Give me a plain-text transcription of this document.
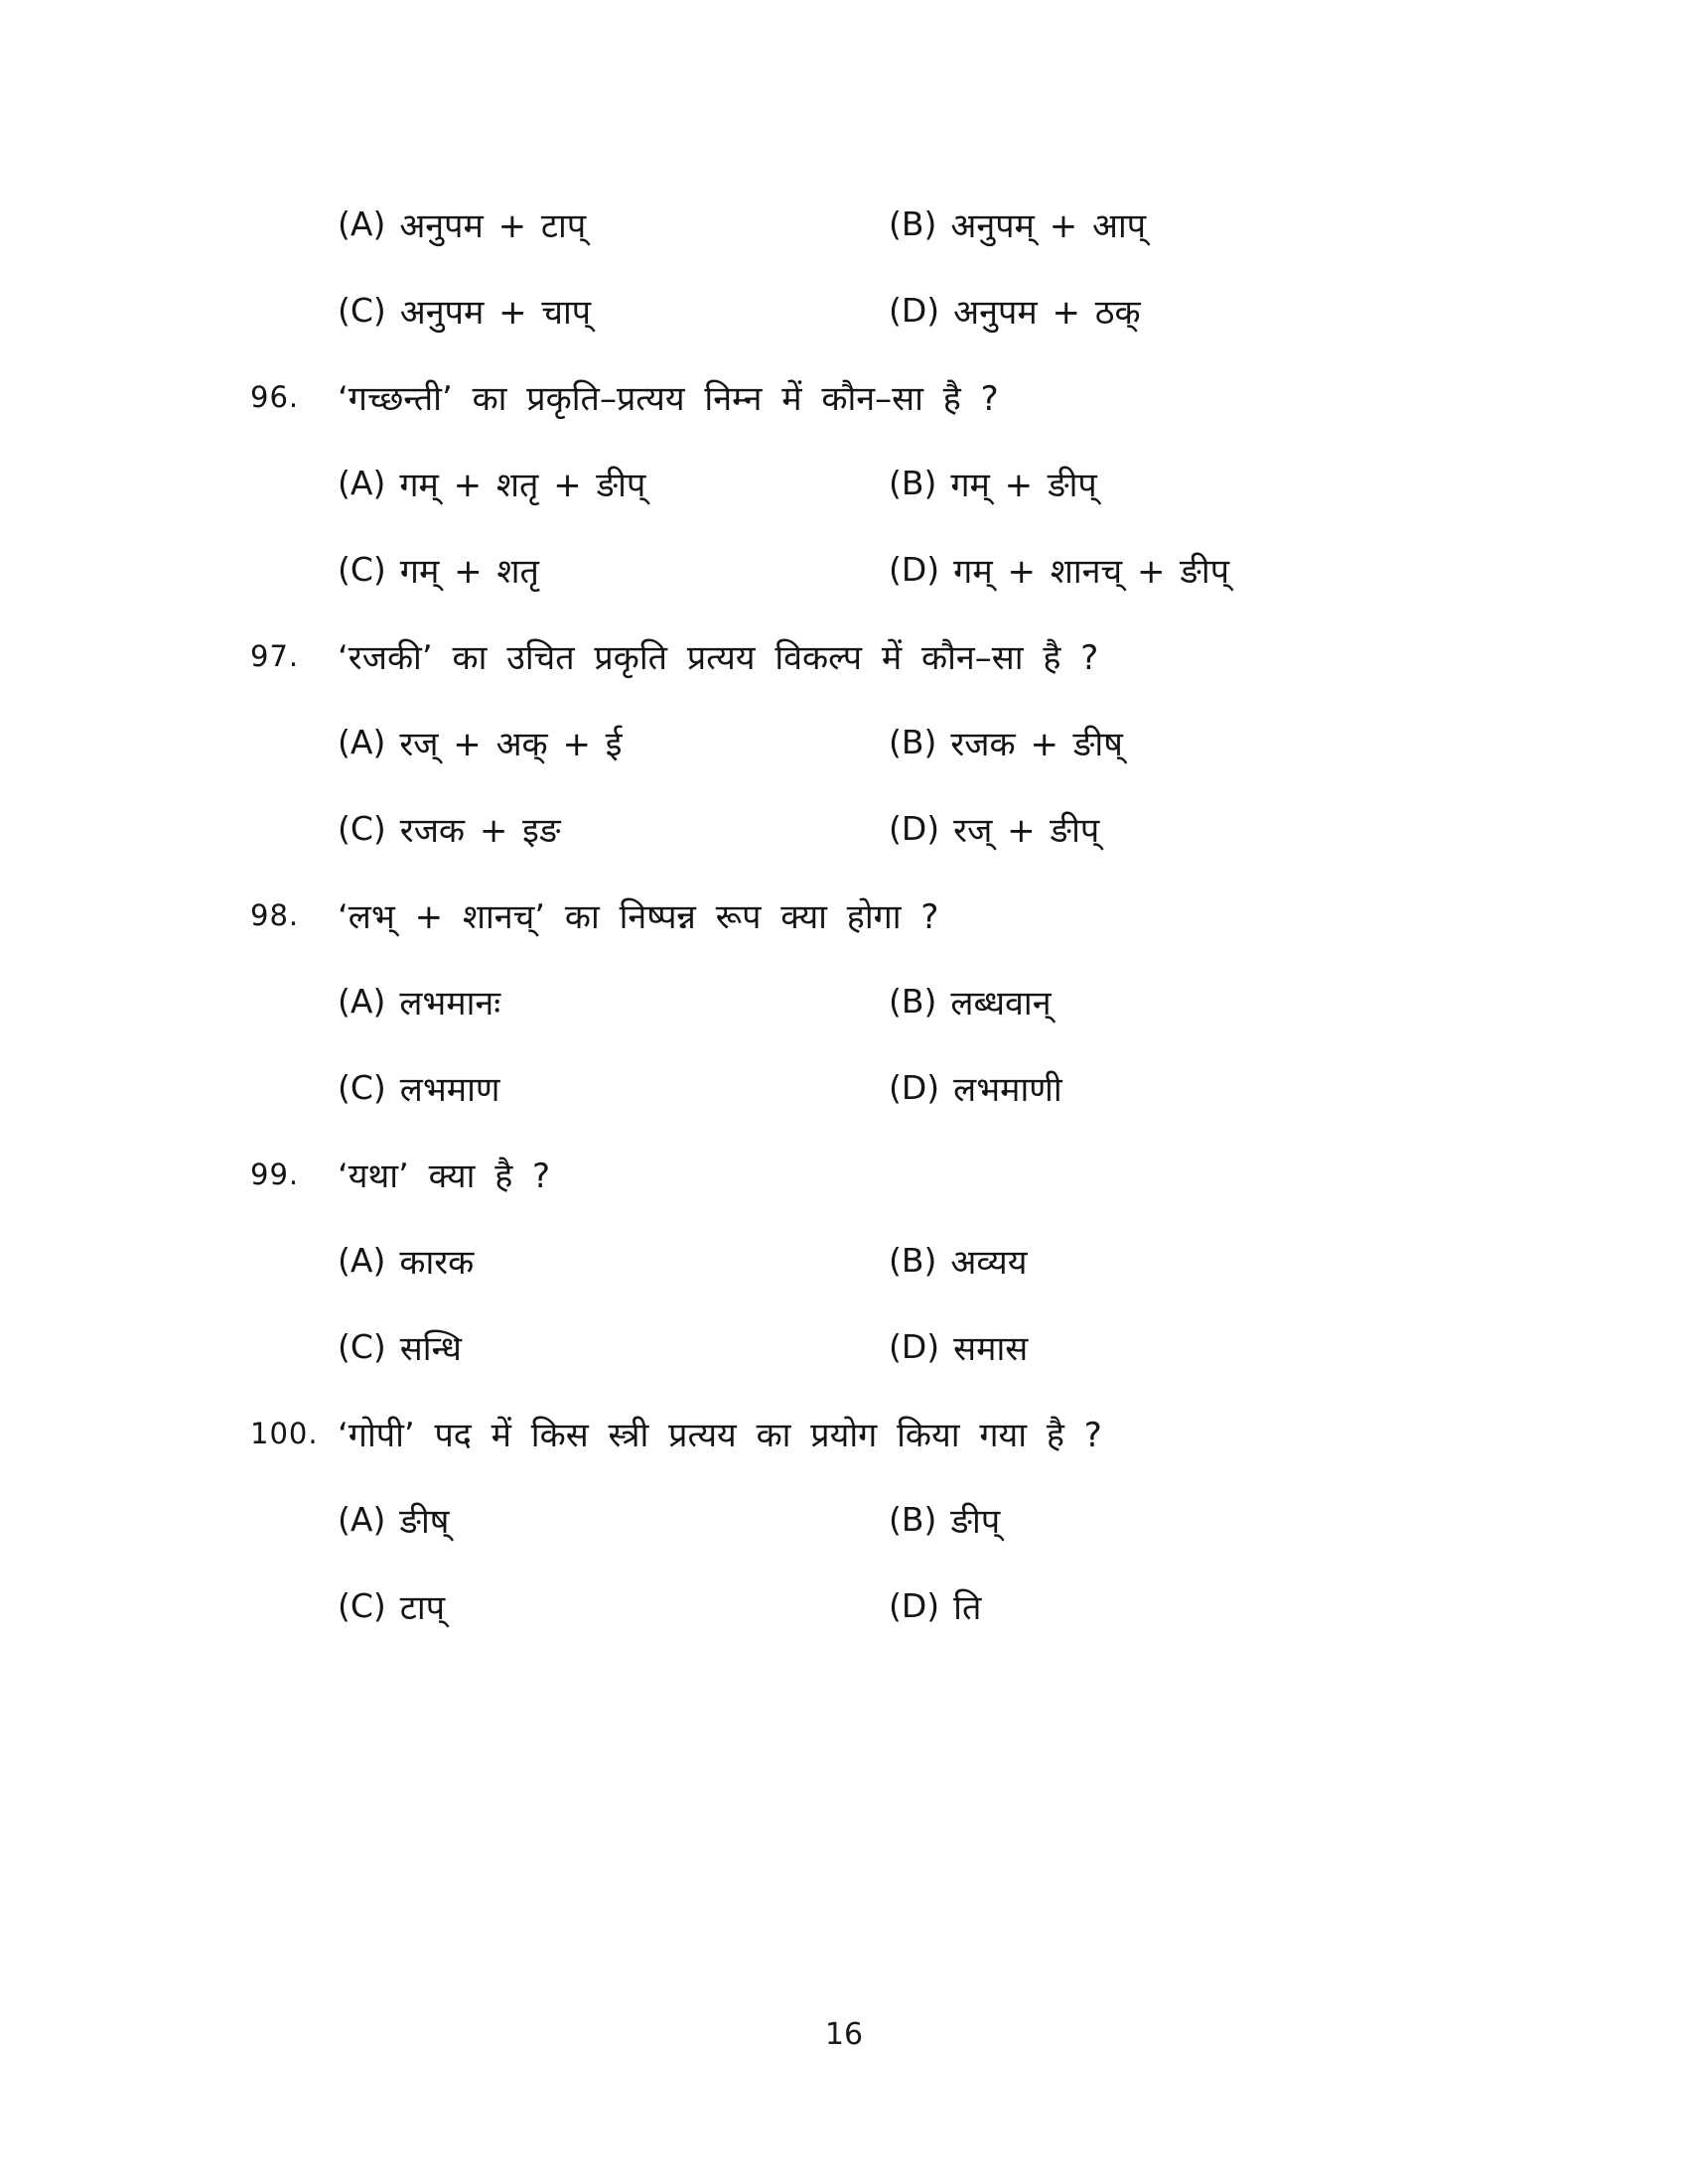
(A) अनुपम + टाप्	(B) अनुपम् + आप्
(C) अनुपम + चाप्	(D) अनुपम + ठक्
96.	‘गच्छन्ती’ का प्रकृति–प्रत्यय निम्न में कौन–सा है ?
(A) गम् + शतृ + ङीप्	(B) गम् + ङीप्
(C) गम् + शतृ	(D) गम् + शानच् + ङीप्
97.	‘रजकी’ का उचित प्रकृति प्रत्यय विकल्प में कौन–सा है ?
(A) रज् + अक् + ई	(B) रजक + ङीष्
(C) रजक + इङ	(D) रज् + ङीप्
98.	‘लभ् + शानच्’ का निष्पन्न रूप क्या होगा ?
(A) लभमानः	(B) लब्धवान्
(C) लभमाण	(D) लभमाणी
99.	‘यथा’ क्या है ?
(A) कारक	(B) अव्यय
(C) सन्धि	(D) समास
100. ‘गोपी’ पद में किस स्त्री प्रत्यय का प्रयोग किया गया है ?
(A) ङीष्	(B) ङीप्
(C) टाप्	(D) ति
16
